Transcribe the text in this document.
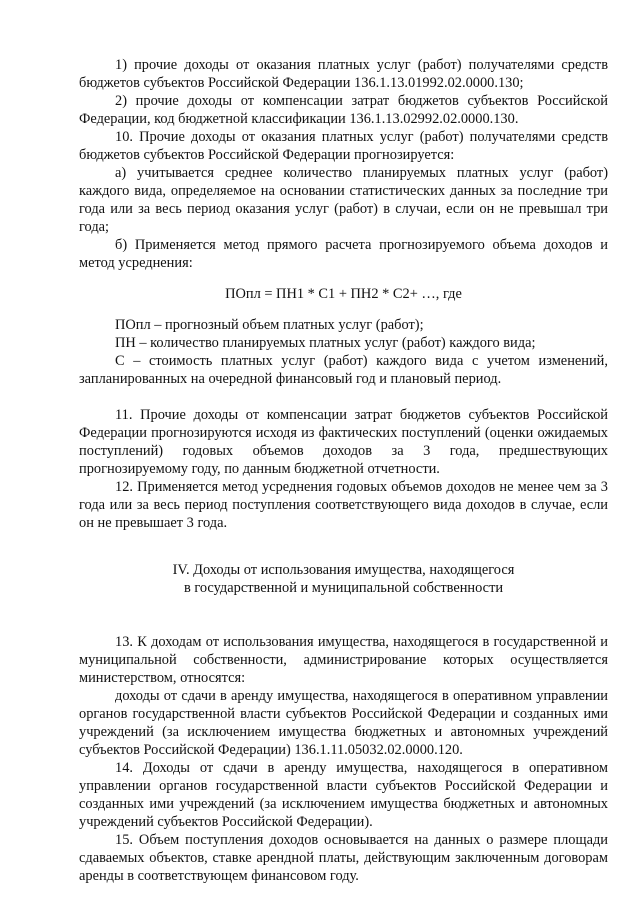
1) прочие доходы от оказания платных услуг (работ) получателями средств бюджетов субъектов Российской Федерации 136.1.13.01992.02.0000.130;

2) прочие доходы от компенсации затрат бюджетов субъектов Российской Федерации, код бюджетной классификации 136.1.13.02992.02.0000.130.

10. Прочие доходы от оказания платных услуг (работ) получателями средств бюджетов субъектов Российской Федерации прогнозируется:

а) учитывается среднее количество планируемых платных услуг (работ) каждого вида, определяемое на основании статистических данных за последние три года или за весь период оказания услуг (работ) в случаи, если он не превышал три года;

б) Применяется метод прямого расчета прогнозируемого объема доходов и метод усреднения:

ПОпл = ПН1 * С1 + ПН2 * С2+ …, где

ПОпл – прогнозный объем платных услуг (работ);

ПН – количество планируемых платных услуг (работ) каждого вида;

С – стоимость платных услуг (работ) каждого вида с учетом изменений, запланированных на очередной финансовый год и плановый период.

11. Прочие доходы от компенсации затрат бюджетов субъектов Российской Федерации прогнозируются исходя из фактических поступлений (оценки ожидаемых поступлений) годовых объемов доходов за 3 года, предшествующих прогнозируемому году, по данным бюджетной отчетности.

12. Применяется метод усреднения годовых объемов доходов не менее чем за 3 года или за весь период поступления соответствующего вида доходов в случае, если он не превышает 3 года.

IV. Доходы от использования имущества, находящегося
в государственной и муниципальной собственности

13. К доходам от использования имущества, находящегося в государственной и муниципальной собственности, администрирование которых осуществляется министерством, относятся:

доходы от сдачи в аренду имущества, находящегося в оперативном управлении органов государственной власти субъектов Российской Федерации и созданных ими учреждений (за исключением имущества бюджетных и автономных учреждений субъектов Российской Федерации) 136.1.11.05032.02.0000.120.

14. Доходы от сдачи в аренду имущества, находящегося в оперативном управлении органов государственной власти субъектов Российской Федерации и созданных ими учреждений (за исключением имущества бюджетных и автономных учреждений субъектов Российской Федерации).

15. Объем поступления доходов основывается на данных о размере площади сдаваемых объектов, ставке арендной платы, действующим заключенным договорам аренды в соответствующем финансовом году.
